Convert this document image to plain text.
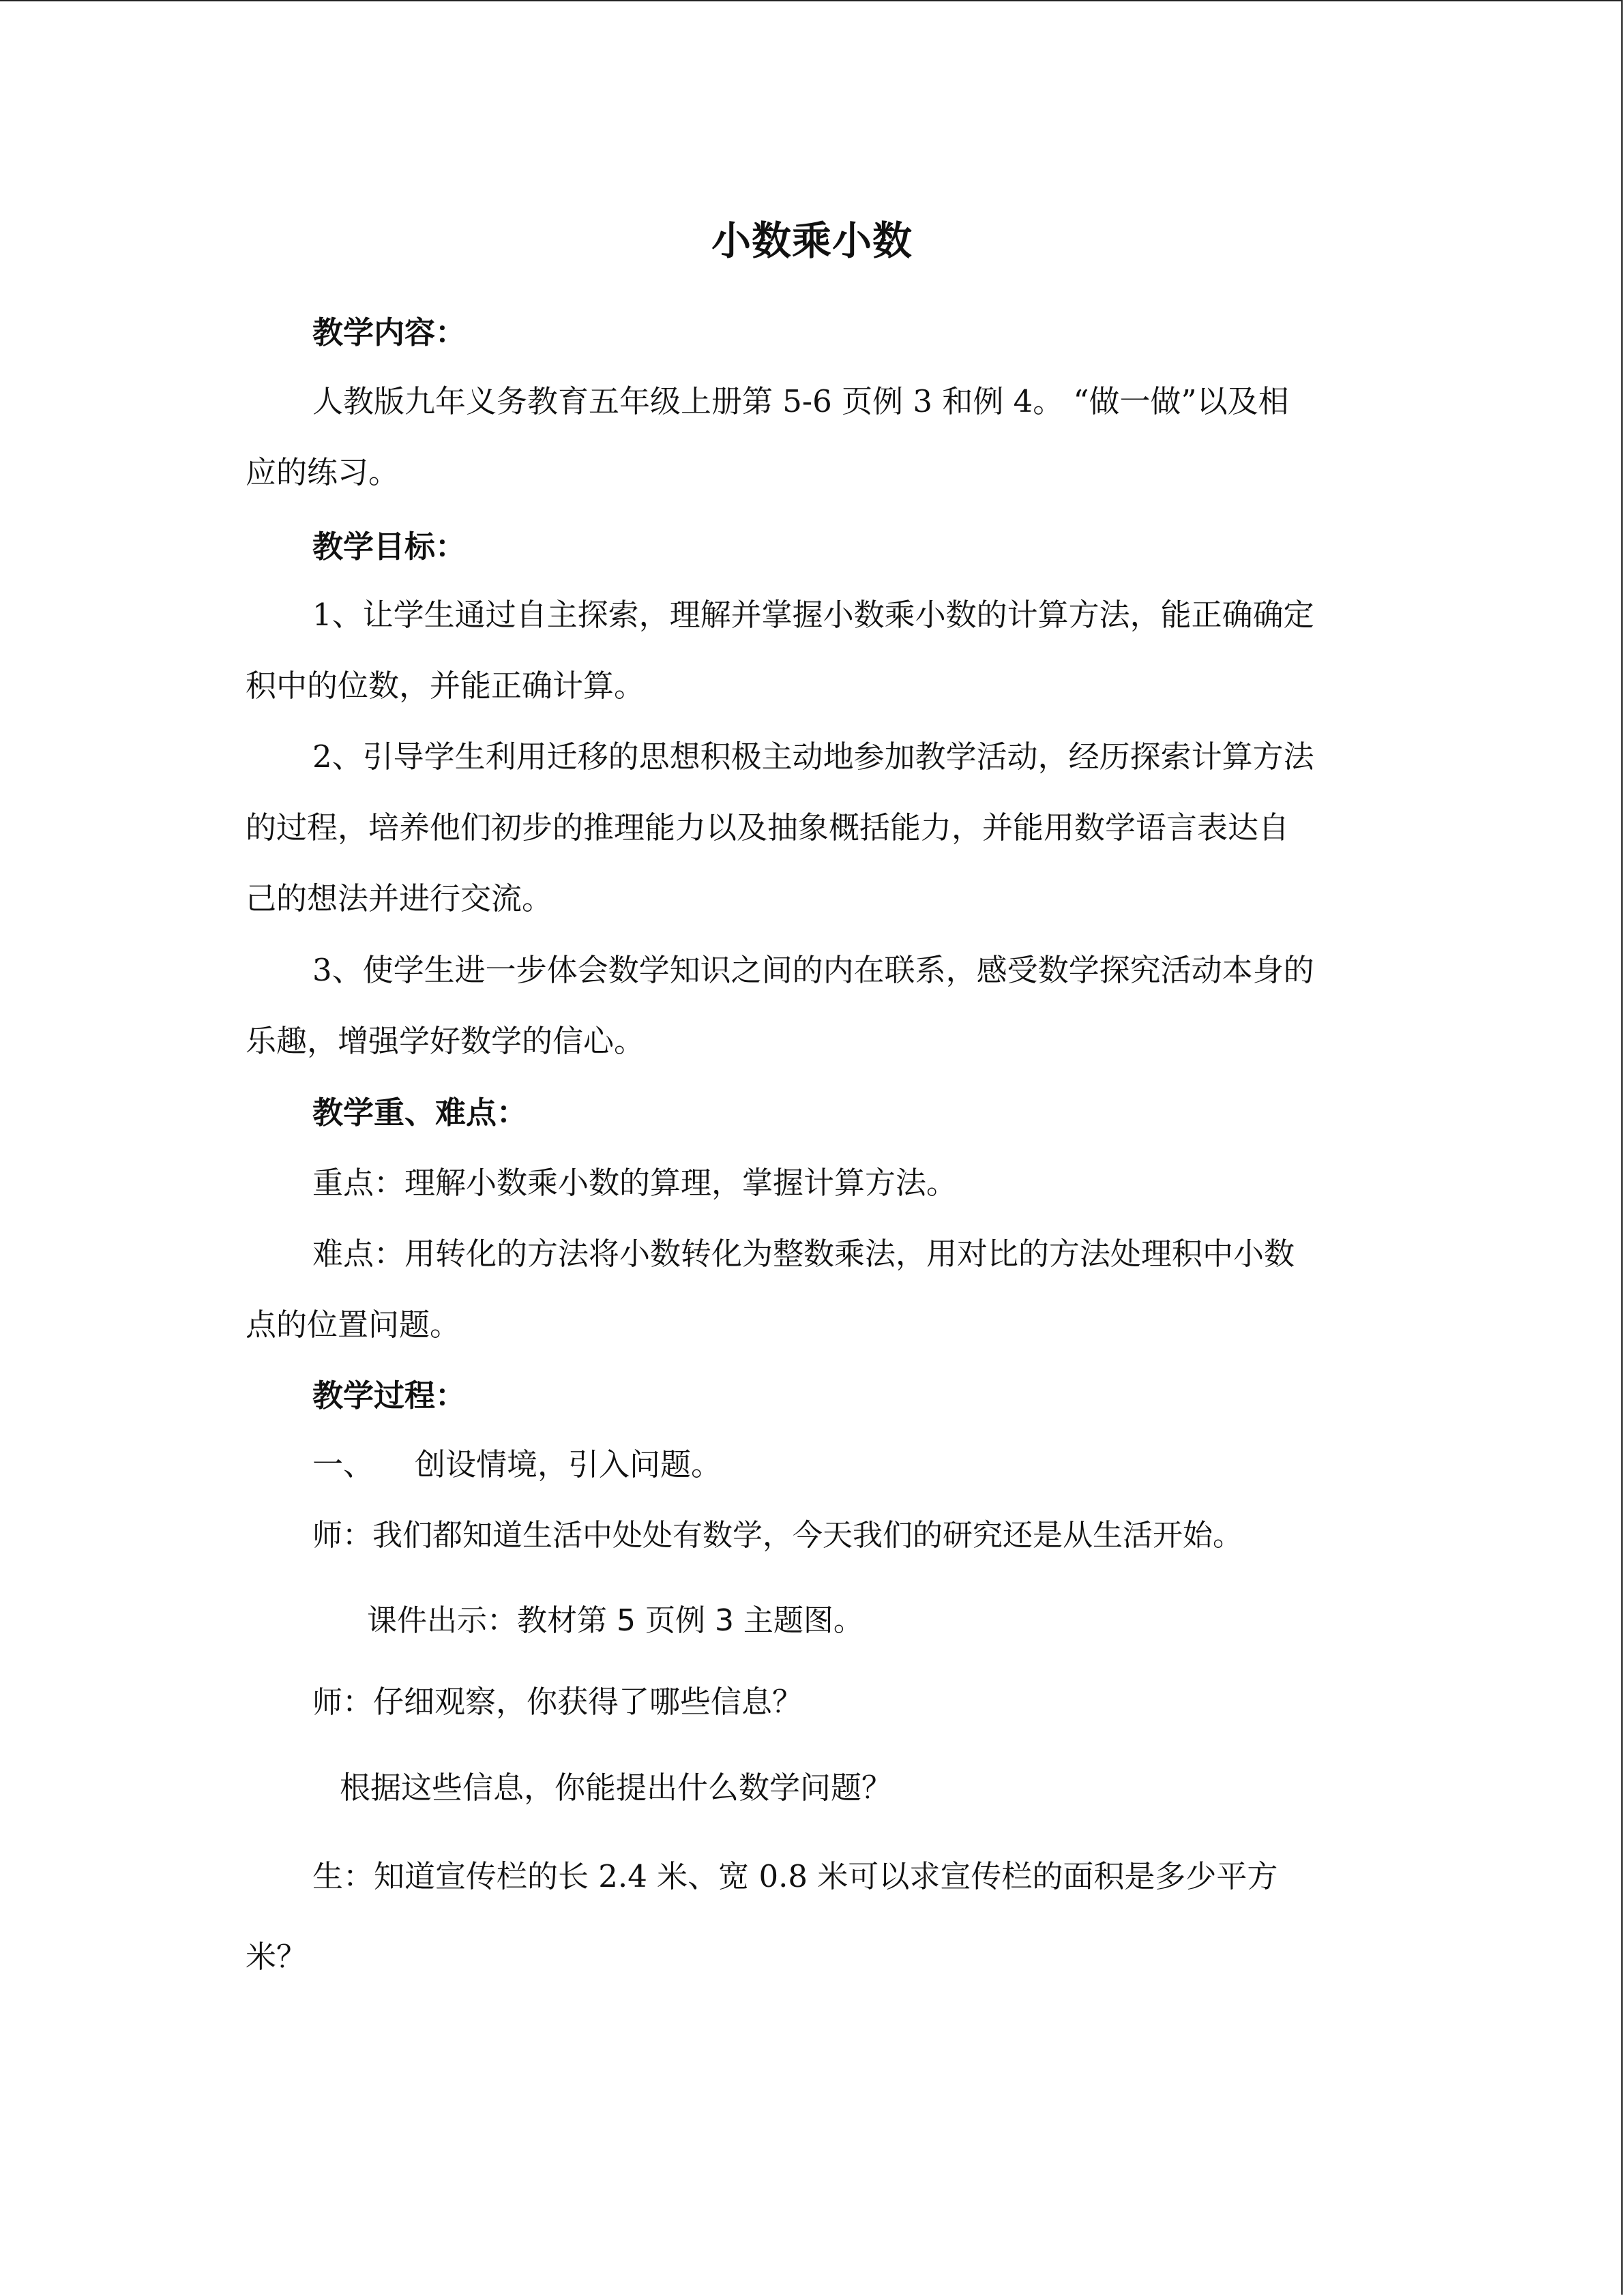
小数乘小数
教学内容：
人教版九年义务教育五年级上册第 5-6 页例 3 和例 4。 “做一做”以及相
应的练习。
教学目标：
1、让学生通过自主探索，理解并掌握小数乘小数的计算方法，能正确确定
积中的位数，并能正确计算。
2、引导学生利用迁移的思想积极主动地参加教学活动，经历探索计算方法
的过程，培养他们初步的推理能力以及抽象概括能力，并能用数学语言表达自
己的想法并进行交流。
3、使学生进一步体会数学知识之间的内在联系，感受数学探究活动本身的
乐趣，增强学好数学的信心。
教学重、难点：
重点：理解小数乘小数的算理，掌握计算方法。
难点：用转化的方法将小数转化为整数乘法，用对比的方法处理积中小数
点的位置问题。
教学过程：
一、 创设情境，引入问题。
师：我们都知道生活中处处有数学，今天我们的研究还是从生活开始。
课件出示：教材第 5 页例 3 主题图。
师：仔细观察，你获得了哪些信息？
根据这些信息，你能提出什么数学问题？
生：知道宣传栏的长 2.4 米、宽 0.8 米可以求宣传栏的面积是多少平方
米？
